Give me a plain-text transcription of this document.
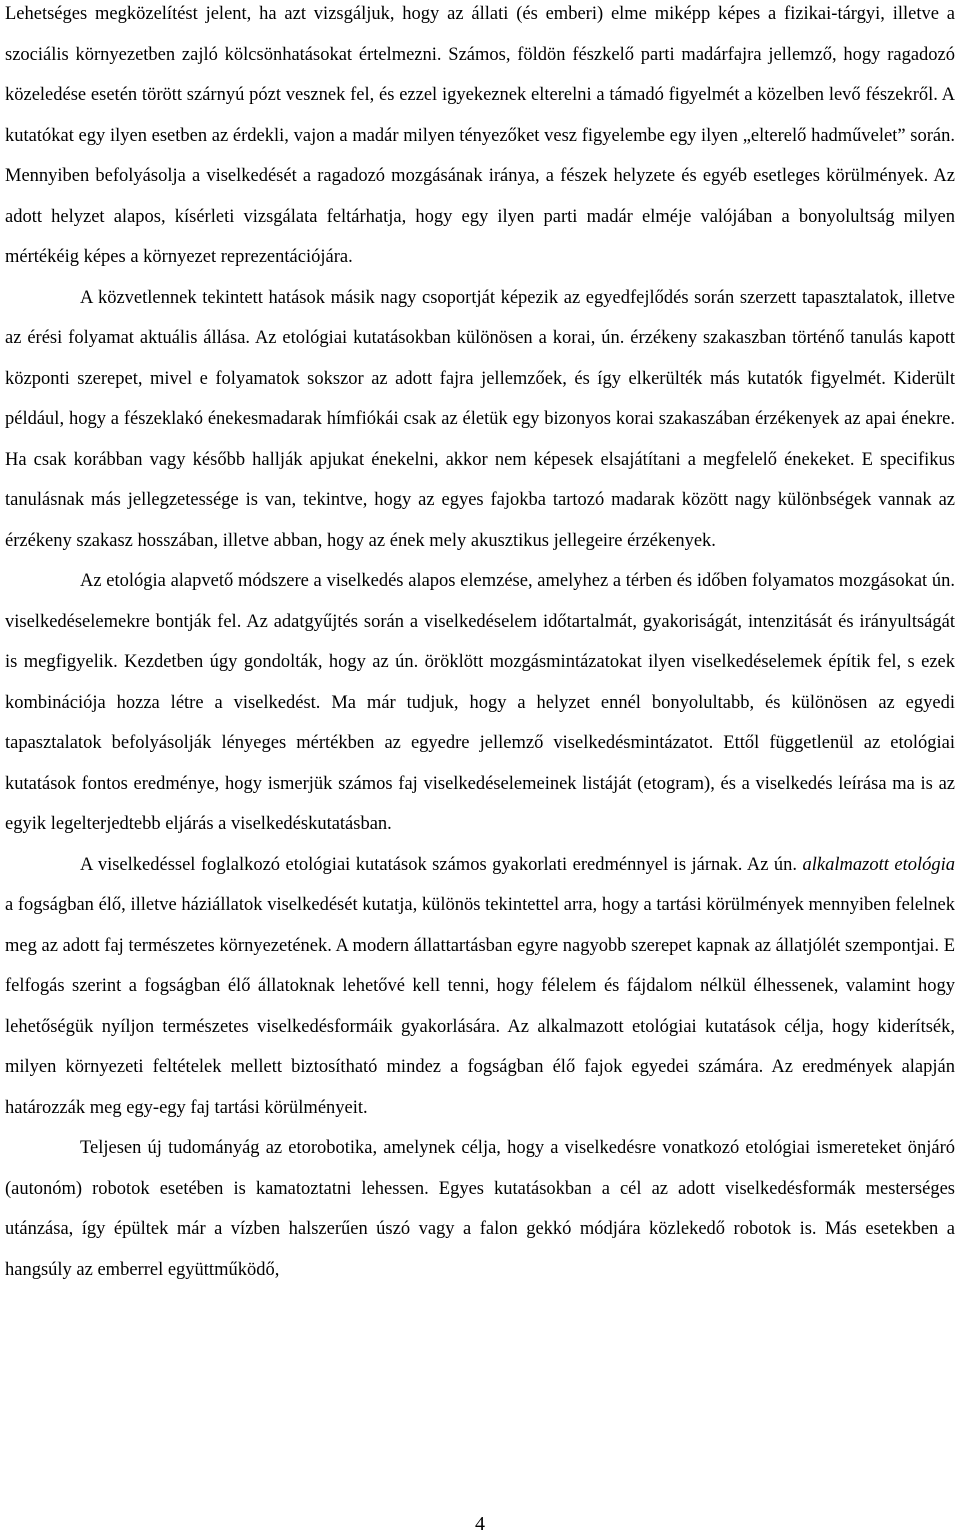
Lehetséges megközelítést jelent, ha azt vizsgáljuk, hogy az állati (és emberi) elme miképp képes a fizikai-tárgyi, illetve a szociális környezetben zajló kölcsönhatásokat értelmezni. Számos, földön fészkelő parti madárfajra jellemző, hogy ragadozó közeledése esetén törött szárnyú pózt vesznek fel, és ezzel igyekeznek elterelni a támadó figyelmét a közelben levő fészekről. A kutatókat egy ilyen esetben az érdekli, vajon a madár milyen tényezőket vesz figyelembe egy ilyen „elterelő hadművelet” során. Mennyiben befolyásolja a viselkedését a ragadozó mozgásának iránya, a fészek helyzete és egyéb esetleges körülmények. Az adott helyzet alapos, kísérleti vizsgálata feltárhatja, hogy egy ilyen parti madár elméje valójában a bonyolultság milyen mértékéig képes a környezet reprezentációjára.

A közvetlennek tekintett hatások másik nagy csoportját képezik az egyedfejlődés során szerzett tapasztalatok, illetve az érési folyamat aktuális állása. Az etológiai kutatásokban különösen a korai, ún. érzékeny szakaszban történő tanulás kapott központi szerepet, mivel e folyamatok sokszor az adott fajra jellemzőek, és így elkerülték más kutatók figyelmét. Kiderült például, hogy a fészeklakó énekesmadarak hímfiókái csak az életük egy bizonyos korai szakaszában érzékenyek az apai énekre. Ha csak korábban vagy később hallják apjukat énekelni, akkor nem képesek elsajátítani a megfelelő énekeket. E specifikus tanulásnak más jellegzetessége is van, tekintve, hogy az egyes fajokba tartozó madarak között nagy különbségek vannak az érzékeny szakasz hosszában, illetve abban, hogy az ének mely akusztikus jellegeire érzékenyek.

Az etológia alapvető módszere a viselkedés alapos elemzése, amelyhez a térben és időben folyamatos mozgásokat ún. viselkedéselemekre bontják fel. Az adatgyűjtés során a viselkedéselem időtartalmát, gyakoriságát, intenzitását és irányultságát is megfigyelik. Kezdetben úgy gondolták, hogy az ún. öröklött mozgásmintázatokat ilyen viselkedéselemek építik fel, s ezek kombinációja hozza létre a viselkedést. Ma már tudjuk, hogy a helyzet ennél bonyolultabb, és különösen az egyedi tapasztalatok befolyásolják lényeges mértékben az egyedre jellemző viselkedésmintázatot. Ettől függetlenül az etológiai kutatások fontos eredménye, hogy ismerjük számos faj viselkedéselemeinek listáját (etogram), és a viselkedés leírása ma is az egyik legelterjedtebb eljárás a viselkedéskutatásban.

A viselkedéssel foglalkozó etológiai kutatások számos gyakorlati eredménnyel is járnak. Az ún. alkalmazott etológia a fogságban élő, illetve háziállatok viselkedését kutatja, különös tekintettel arra, hogy a tartási körülmények mennyiben felelnek meg az adott faj természetes környezetének. A modern állattartásban egyre nagyobb szerepet kapnak az állatjólét szempontjai. E felfogás szerint a fogságban élő állatoknak lehetővé kell tenni, hogy félelem és fájdalom nélkül élhessenek, valamint hogy lehetőségük nyíljon természetes viselkedésformáik gyakorlására. Az alkalmazott etológiai kutatások célja, hogy kiderítsék, milyen környezeti feltételek mellett biztosítható mindez a fogságban élő fajok egyedei számára. Az eredmények alapján határozzák meg egy-egy faj tartási körülményeit.

Teljesen új tudományág az etorobotika, amelynek célja, hogy a viselkedésre vonatkozó etológiai ismereteket önjáró (autonóm) robotok esetében is kamatoztatni lehessen. Egyes kutatásokban a cél az adott viselkedésformák mesterséges utánzása, így épültek már a vízben halszerűen úszó vagy a falon gekkó módjára közlekedő robotok is. Más esetekben a hangsúly az emberrel együttműködő,

4
